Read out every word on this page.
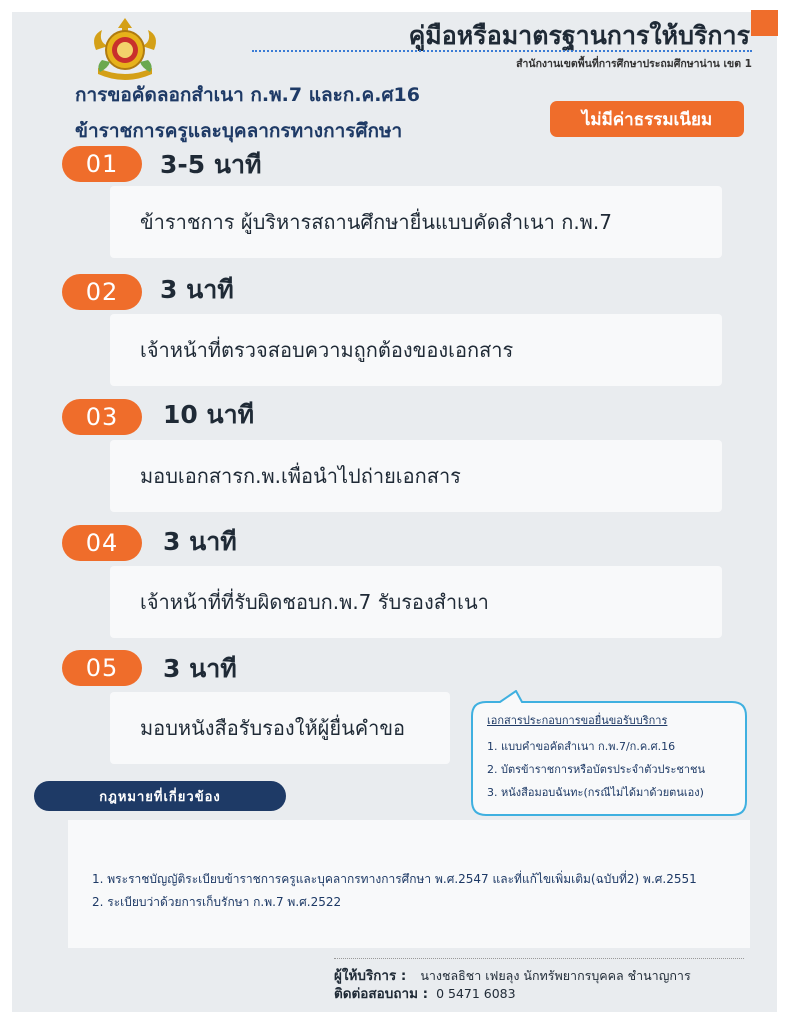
คู่มือหรือมาตรฐานการให้บริการ
สำนักงานเขตพื้นที่การศึกษาประถมศึกษาน่าน เขต 1
การขอคัดลอกสำเนา ก.พ.7 และก.ค.ศ16
ข้าราชการครูและบุคลากรทางการศึกษา
ไม่มีค่าธรรมเนียม
01	3-5 นาที
ข้าราชการ ผู้บริหารสถานศึกษายื่นแบบคัดสำเนา ก.พ.7
02	3 นาที
เจ้าหน้าที่ตรวจสอบความถูกต้องของเอกสาร
03	10 นาที
มอบเอกสารก.พ.เพื่อนำไปถ่ายเอกสาร
04	3 นาที
เจ้าหน้าที่ที่รับผิดชอบก.พ.7 รับรองสำเนา
05	3 นาที
มอบหนังสือรับรองให้ผู้ยื่นคำขอ	เอกสารประกอบการขอยื่นขอรับบริการ
1. แบบคำขอคัดสำเนา ก.พ.7/ก.ค.ศ.16
2. บัตรข้าราชการหรือบัตรประจำตัวประชาชน
3. หนังสือมอบฉันทะ(กรณีไม่ได้มาด้วยตนเอง)
กฎหมายที่เกี่ยวข้อง
1. พระราชบัญญัติระเบียบข้าราชการครูและบุคลากรทางการศึกษา พ.ศ.2547 และที่แก้ไขเพิ่มเติม(ฉบับที่2) พ.ศ.2551
2. ระเบียบว่าด้วยการเก็บรักษา ก.พ.7 พ.ศ.2522
ผู้ให้บริการ : นางชลธิชา เฟยลุง นักทรัพยากรบุคคล ชำนาญการ
ติดต่อสอบถาม : 0 5471 6083
